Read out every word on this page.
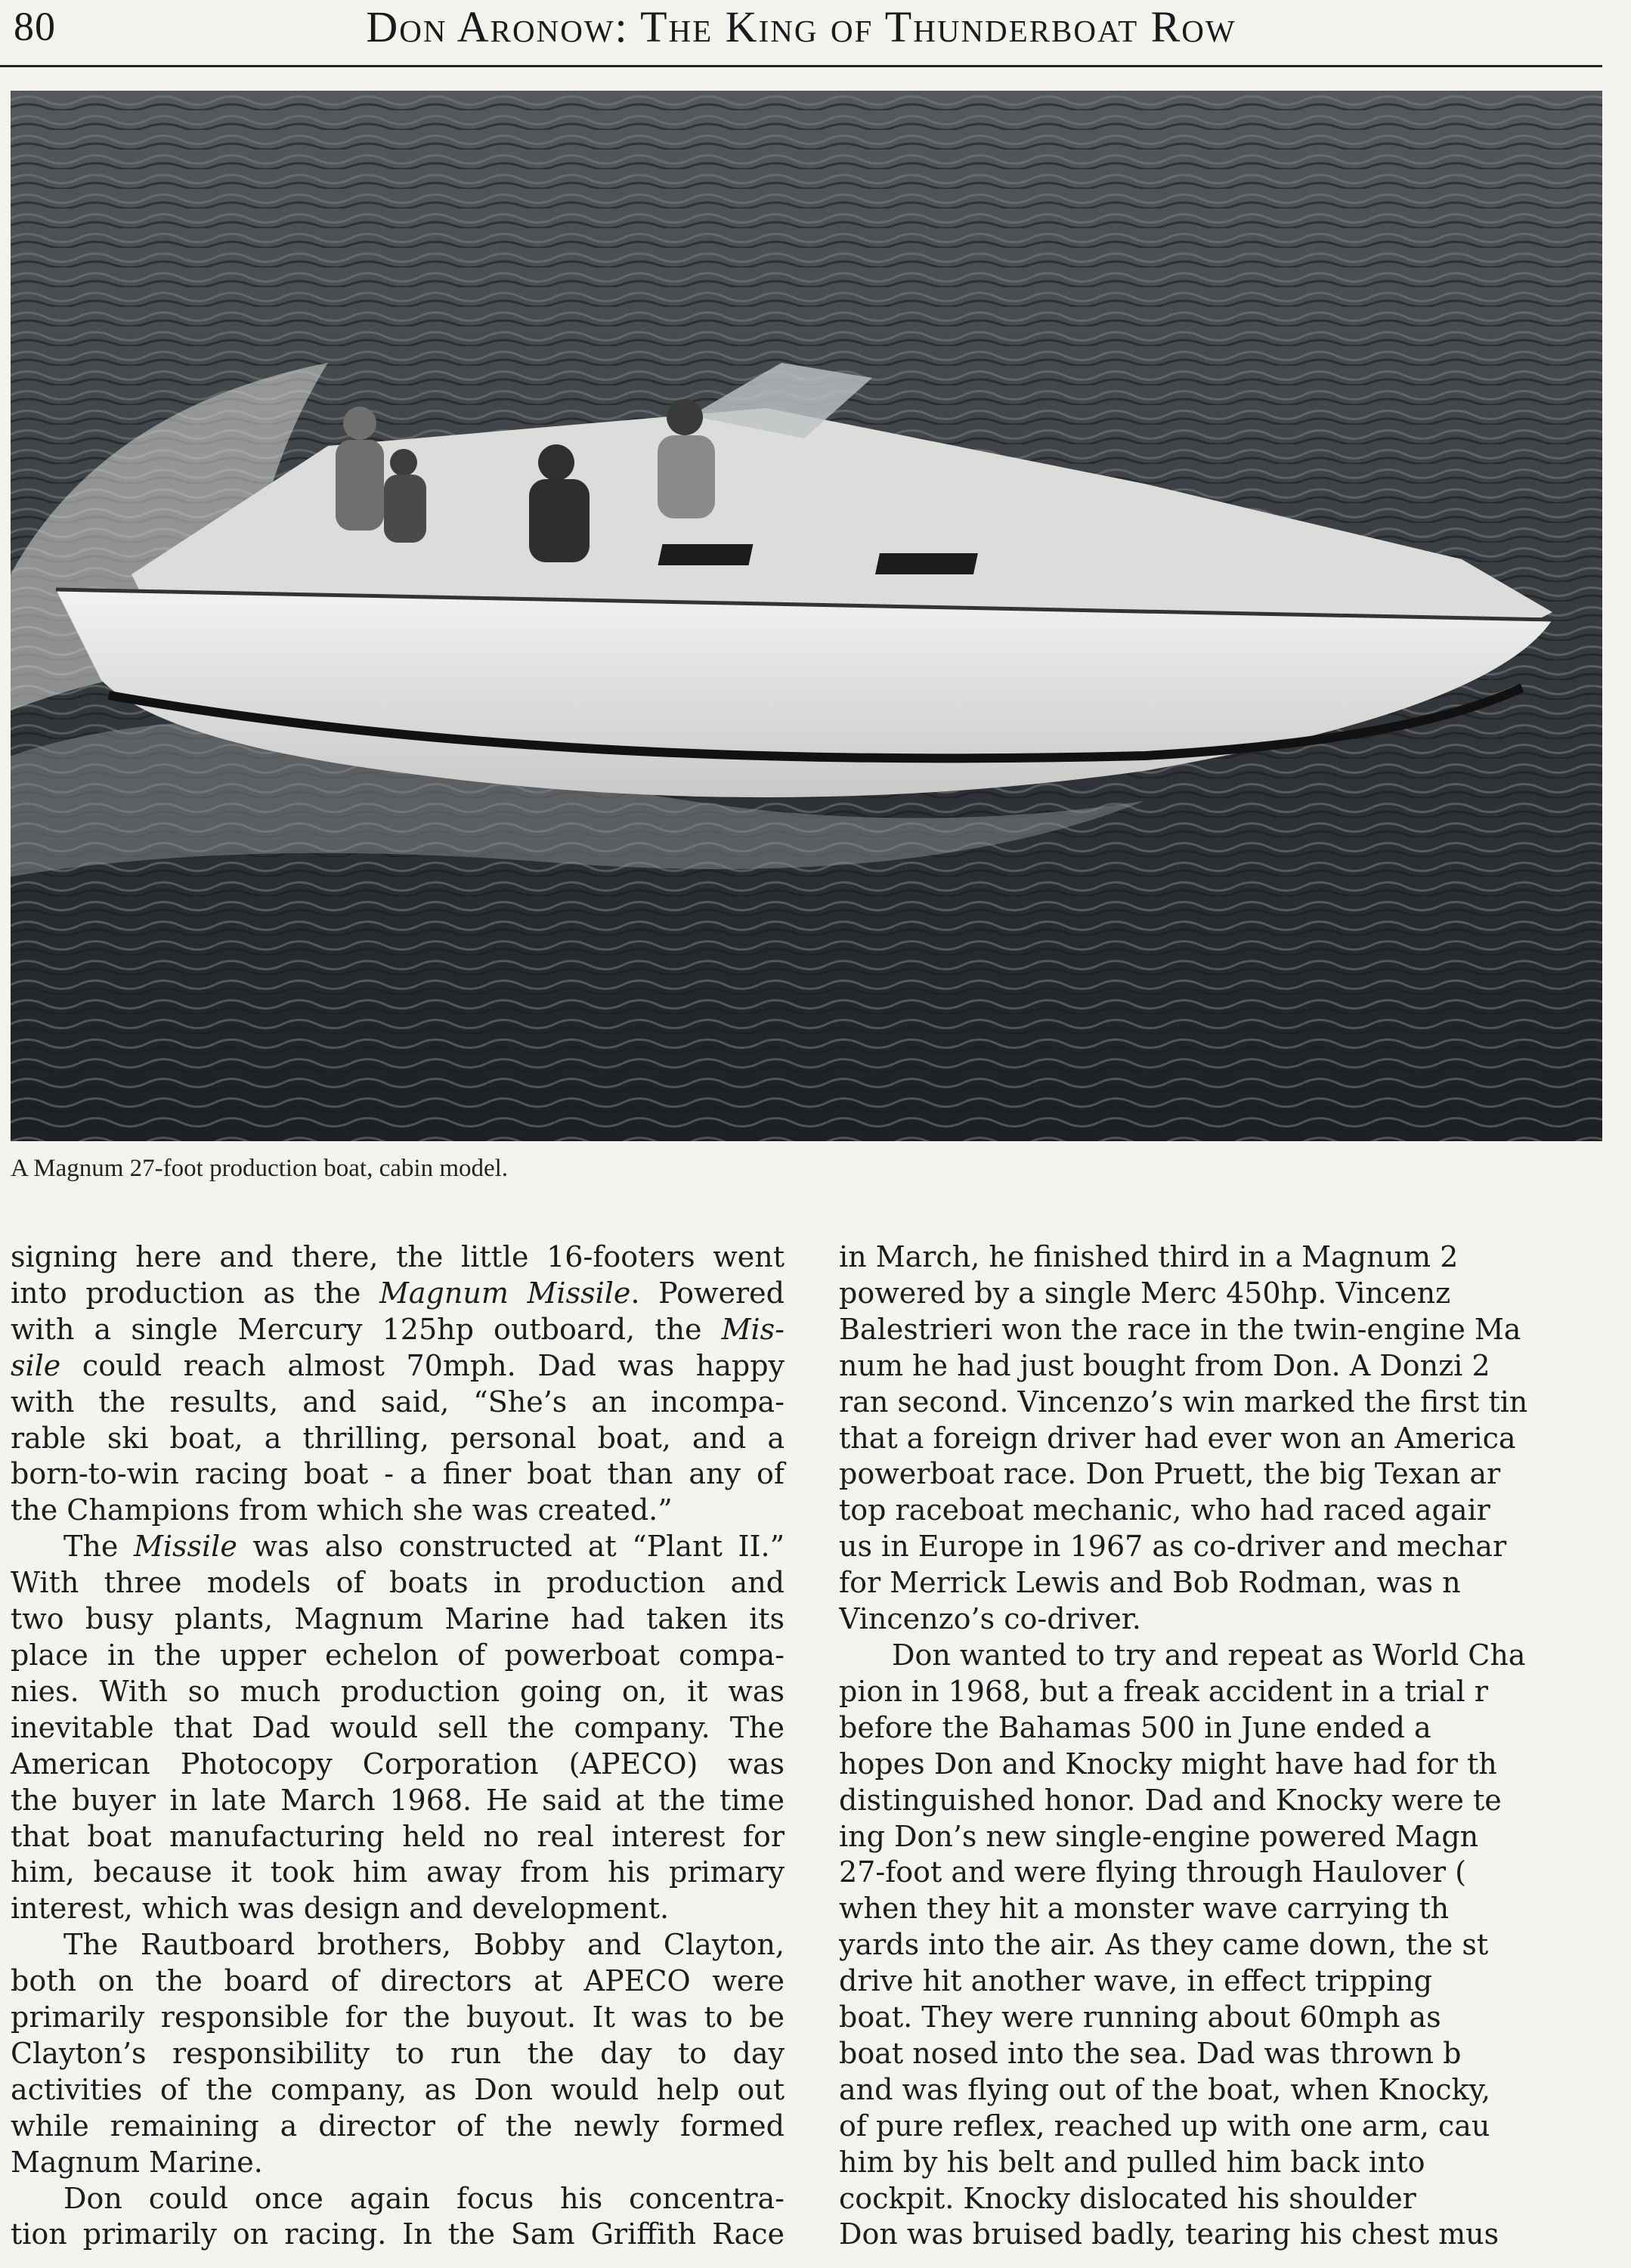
80	Don Aronow: The King of Thunderboat Row
A Magnum 27-foot production boat, cabin model.
signing here and there, the little 16-footers went
into production as the Magnum Missile. Powered
with a single Mercury 125hp outboard, the Mis-
sile could reach almost 70mph. Dad was happy
with the results, and said, “She’s an incompa-
rable ski boat, a thrilling, personal boat, and a
born-to-win racing boat - a finer boat than any of
the Champions from which she was created.”
The Missile was also constructed at “Plant II.”
With three models of boats in production and
two busy plants, Magnum Marine had taken its
place in the upper echelon of powerboat compa-
nies. With so much production going on, it was
inevitable that Dad would sell the company. The
American Photocopy Corporation (APECO) was
the buyer in late March 1968. He said at the time
that boat manufacturing held no real interest for
him, because it took him away from his primary
interest, which was design and development.
The Rautboard brothers, Bobby and Clayton,
both on the board of directors at APECO were
primarily responsible for the buyout. It was to be
Clayton’s responsibility to run the day to day
activities of the company, as Don would help out
while remaining a director of the newly formed
Magnum Marine.
Don could once again focus his concentra-
tion primarily on racing. In the Sam Griffith Race
in March, he finished third in a Magnum 2
powered by a single Merc 450hp. Vincenz
Balestrieri won the race in the twin-engine Ma
num he had just bought from Don. A Donzi 2
ran second. Vincenzo’s win marked the first tin
that a foreign driver had ever won an America
powerboat race. Don Pruett, the big Texan ar
top raceboat mechanic, who had raced agair
us in Europe in 1967 as co-driver and mechar
for Merrick Lewis and Bob Rodman, was n
Vincenzo’s co-driver.
Don wanted to try and repeat as World Cha
pion in 1968, but a freak accident in a trial r
before the Bahamas 500 in June ended a
hopes Don and Knocky might have had for th
distinguished honor. Dad and Knocky were te
ing Don’s new single-engine powered Magn
27-foot and were flying through Haulover (
when they hit a monster wave carrying th
yards into the air. As they came down, the st
drive hit another wave, in effect tripping
boat. They were running about 60mph as
boat nosed into the sea. Dad was thrown b
and was flying out of the boat, when Knocky,
of pure reflex, reached up with one arm, cau
him by his belt and pulled him back into
cockpit. Knocky dislocated his shoulder
Don was bruised badly, tearing his chest mus
